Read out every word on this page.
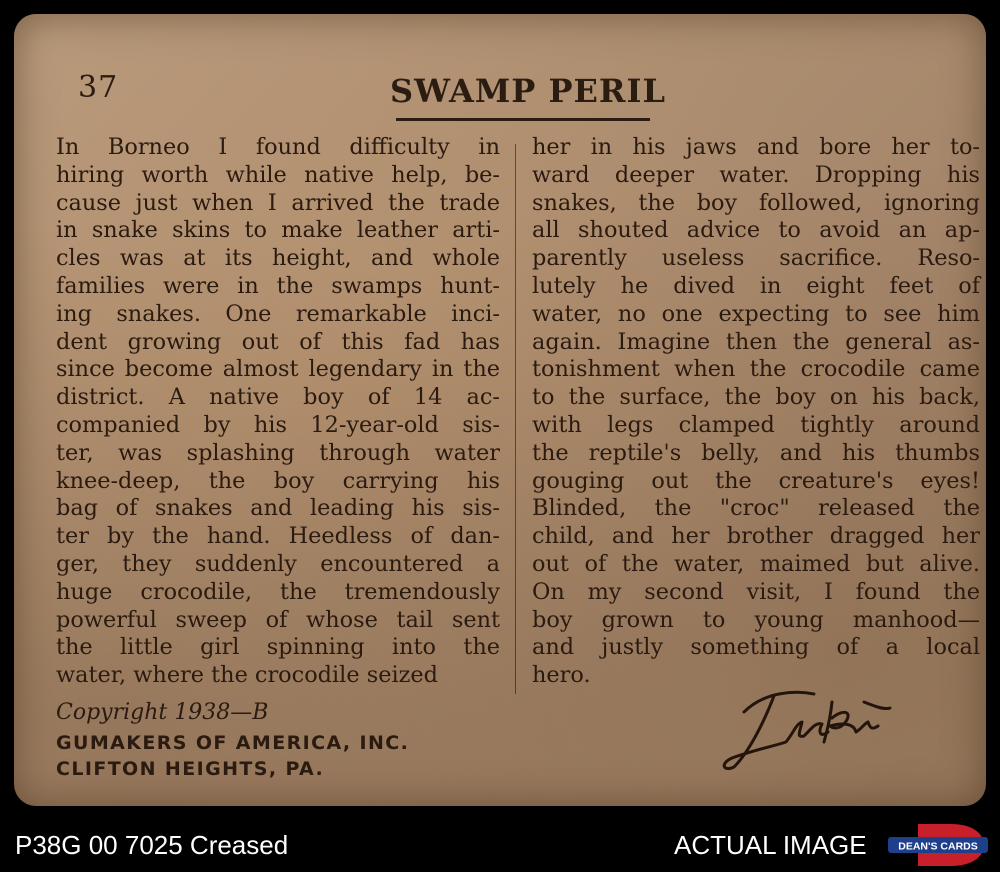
37	SWAMP PERIL
In Borneo I found difficulty in
hiring worth while native help, be-
cause just when I arrived the trade
in snake skins to make leather arti-
cles was at its height, and whole
families were in the swamps hunt-
ing snakes. One remarkable inci-
dent growing out of this fad has
since become almost legendary in the
district. A native boy of 14 ac-
companied by his 12-year-old sis-
ter, was splashing through water
knee-deep, the boy carrying his
bag of snakes and leading his sis-
ter by the hand. Heedless of dan-
ger, they suddenly encountered a
huge crocodile, the tremendously
powerful sweep of whose tail sent
the little girl spinning into the
water, where the crocodile seized
her in his jaws and bore her to-
ward deeper water. Dropping his
snakes, the boy followed, ignoring
all shouted advice to avoid an ap-
parently useless sacrifice. Reso-
lutely he dived in eight feet of
water, no one expecting to see him
again. Imagine then the general as-
tonishment when the crocodile came
to the surface, the boy on his back,
with legs clamped tightly around
the reptile's belly, and his thumbs
gouging out the creature's eyes!
Blinded, the "croc" released the
child, and her brother dragged her
out of the water, maimed but alive.
On my second visit, I found the
boy grown to young manhood—
and justly something of a local
hero.
Copyright 1938—B
GUMAKERS OF AMERICA, INC.
CLIFTON HEIGHTS, PA.
P38G 00 7025 Creased	ACTUAL IMAGE	DEAN'S CARDS
